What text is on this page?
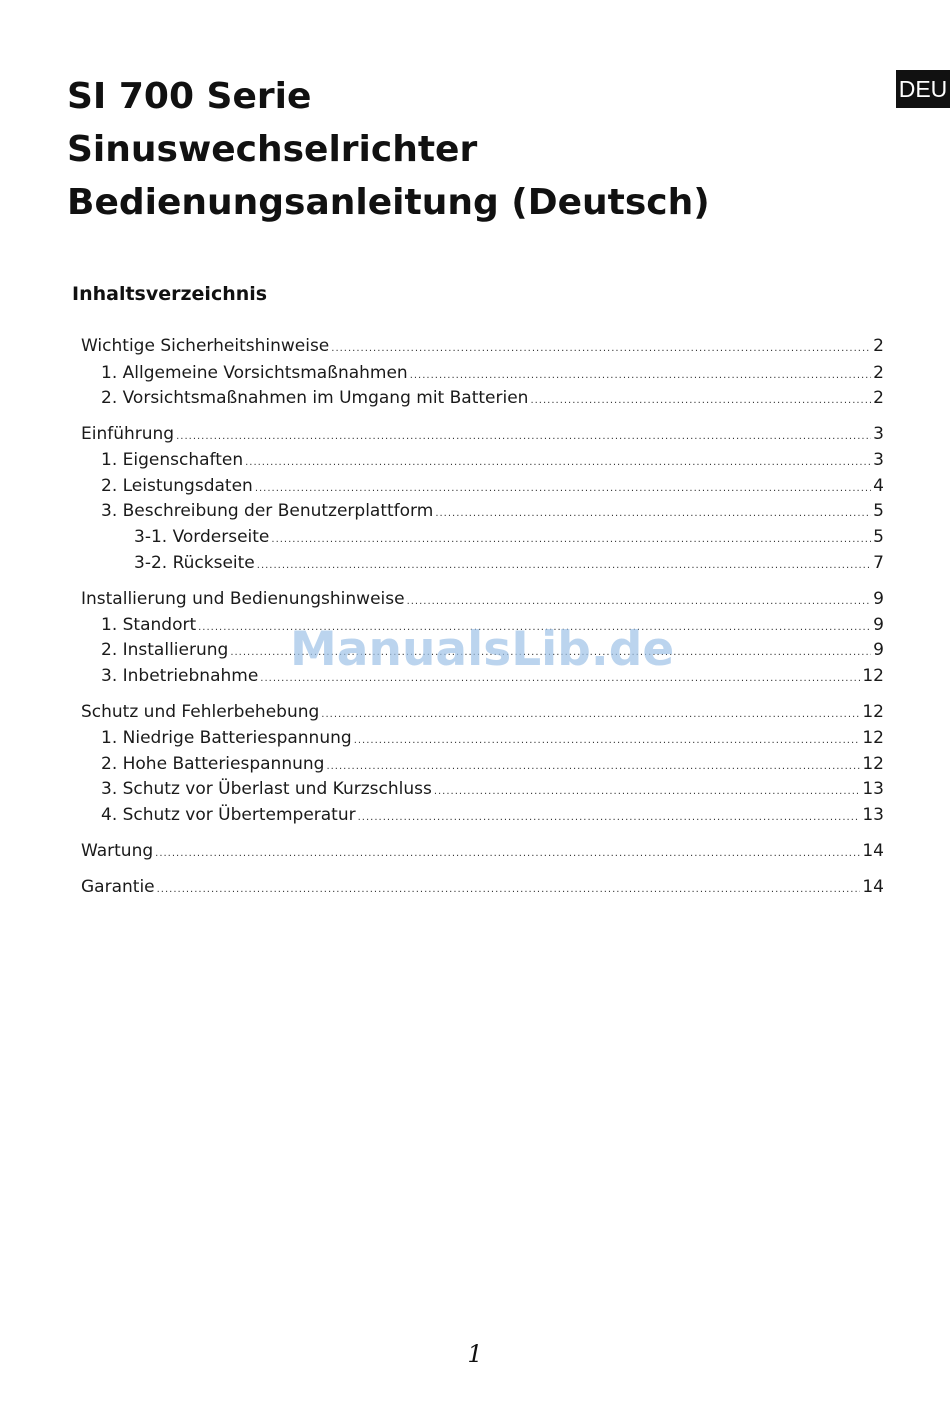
DEU
SI 700 Serie
Sinuswechselrichter
Bedienungsanleitung (Deutsch)
Inhaltsverzeichnis
Wichtige Sicherheitshinweise .....	2
1. Allgemeine Vorsichtsmaßnahmen .....	2
2. Vorsichtsmaßnahmen im Umgang mit Batterien .....	2
Einführung .....	3
1. Eigenschaften .....	3
2. Leistungsdaten .....	4
3. Beschreibung der Benutzerplattform .....	5
3-1. Vorderseite .....	5
3-2. Rückseite .....	7
Installierung und Bedienungshinweise .....	9
1. Standort .....	9
2. Installierung .....	9
3. Inbetriebnahme .....	12
Schutz und Fehlerbehebung .....	12
1. Niedrige Batteriespannung .....	12
2. Hohe Batteriespannung .....	12
3. Schutz vor Überlast und Kurzschluss .....	13
4. Schutz vor Übertemperatur .....	13
Wartung .....	14
Garantie .....	14
ManualsLib.de
1
